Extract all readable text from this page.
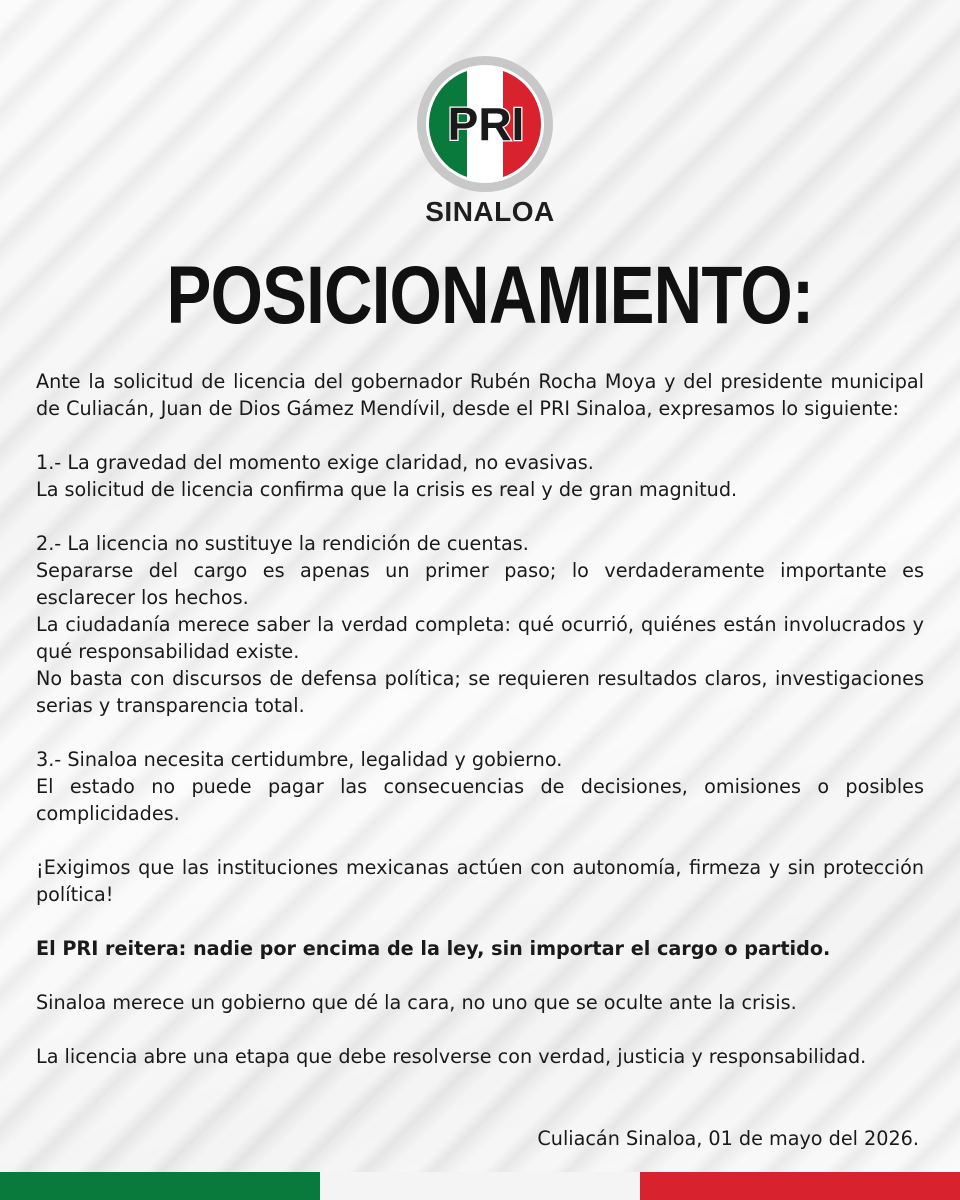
PRI
SINALOA
POSICIONAMIENTO:

Ante la solicitud de licencia del gobernador Rubén Rocha Moya y del presidente municipal de Culiacán, Juan de Dios Gámez Mendívil, desde el PRI Sinaloa, expresamos lo siguiente:

1.- La gravedad del momento exige claridad, no evasivas.

La solicitud de licencia confirma que la crisis es real y de gran magnitud.

2.- La licencia no sustituye la rendición de cuentas.

Separarse del cargo es apenas un primer paso; lo verdaderamente importante es esclarecer los hechos.

La ciudadanía merece saber la verdad completa: qué ocurrió, quiénes están involucrados y qué responsabilidad existe.

No basta con discursos de defensa política; se requieren resultados claros, investigaciones serias y transparencia total.

3.- Sinaloa necesita certidumbre, legalidad y gobierno.

El estado no puede pagar las consecuencias de decisiones, omisiones o posibles complicidades.

¡Exigimos que las instituciones mexicanas actúen con autonomía, firmeza y sin protección política!

El PRI reitera: nadie por encima de la ley, sin importar el cargo o partido.

Sinaloa merece un gobierno que dé la cara, no uno que se oculte ante la crisis.

La licencia abre una etapa que debe resolverse con verdad, justicia y responsabilidad.

Culiacán Sinaloa, 01 de mayo del 2026.
